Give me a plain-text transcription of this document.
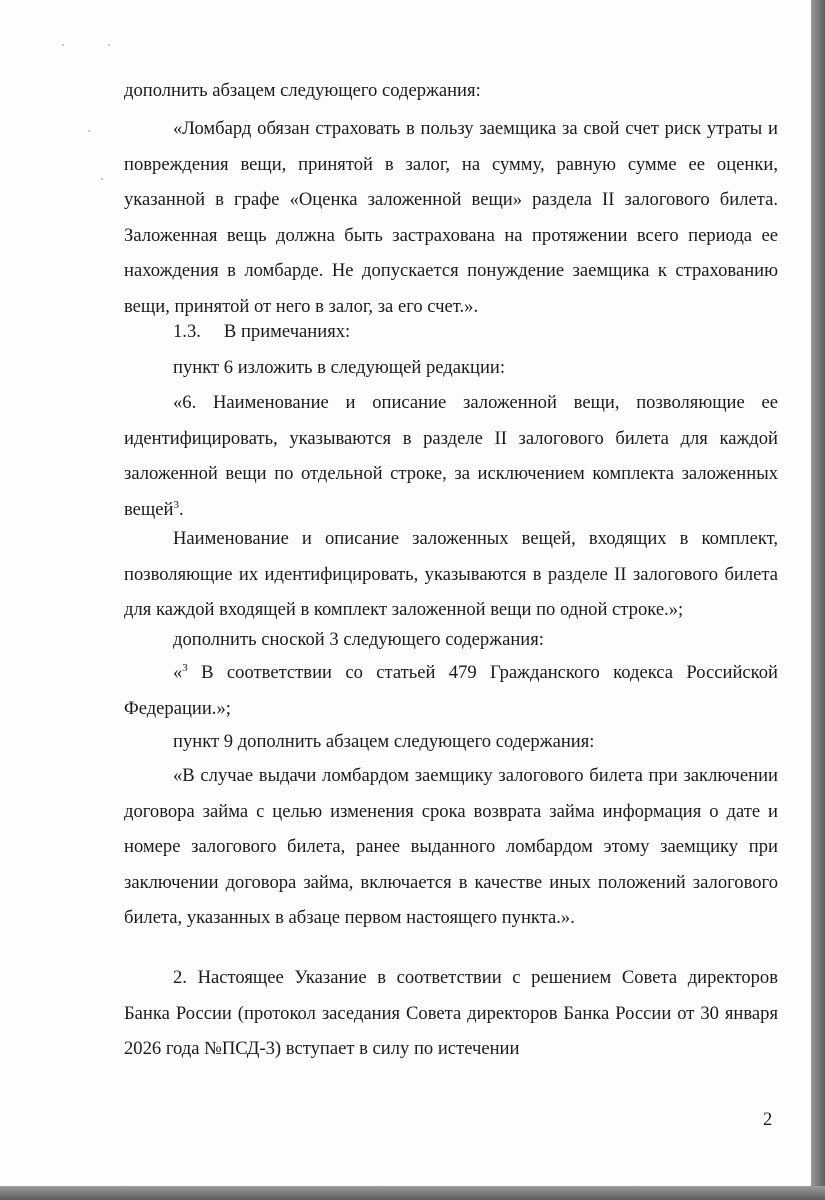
дополнить абзацем следующего содержания:

«Ломбард обязан страховать в пользу заемщика за свой счет риск утраты и повреждения вещи, принятой в залог, на сумму, равную сумме ее оценки, указанной в графе «Оценка заложенной вещи» раздела II залогового билета. Заложенная вещь должна быть застрахована на протяжении всего периода ее нахождения в ломбарде. Не допускается понуждение заемщика к страхованию вещи, принятой от него в залог, за его счет.».

1.3. В примечаниях:

пункт 6 изложить в следующей редакции:

«6. Наименование и описание заложенной вещи, позволяющие ее идентифицировать, указываются в разделе II залогового билета для каждой заложенной вещи по отдельной строке, за исключением комплекта заложенных вещей$^3$.

Наименование и описание заложенных вещей, входящих в комплект, позволяющие их идентифицировать, указываются в разделе II залогового билета для каждой входящей в комплект заложенной вещи по одной строке.»;

дополнить сноской 3 следующего содержания:

«$^3$ В соответствии со статьей 479 Гражданского кодекса Российской Федерации.»;

пункт 9 дополнить абзацем следующего содержания:

«В случае выдачи ломбардом заемщику залогового билета при заключении договора займа с целью изменения срока возврата займа информация о дате и номере залогового билета, ранее выданного ломбардом этому заемщику при заключении договора займа, включается в качестве иных положений залогового билета, указанных в абзаце первом настоящего пункта.».

2. Настоящее Указание в соответствии с решением Совета директоров Банка России (протокол заседания Совета директоров Банка России от 30 января 2026 года №ПСД-3) вступает в силу по истечении

2
